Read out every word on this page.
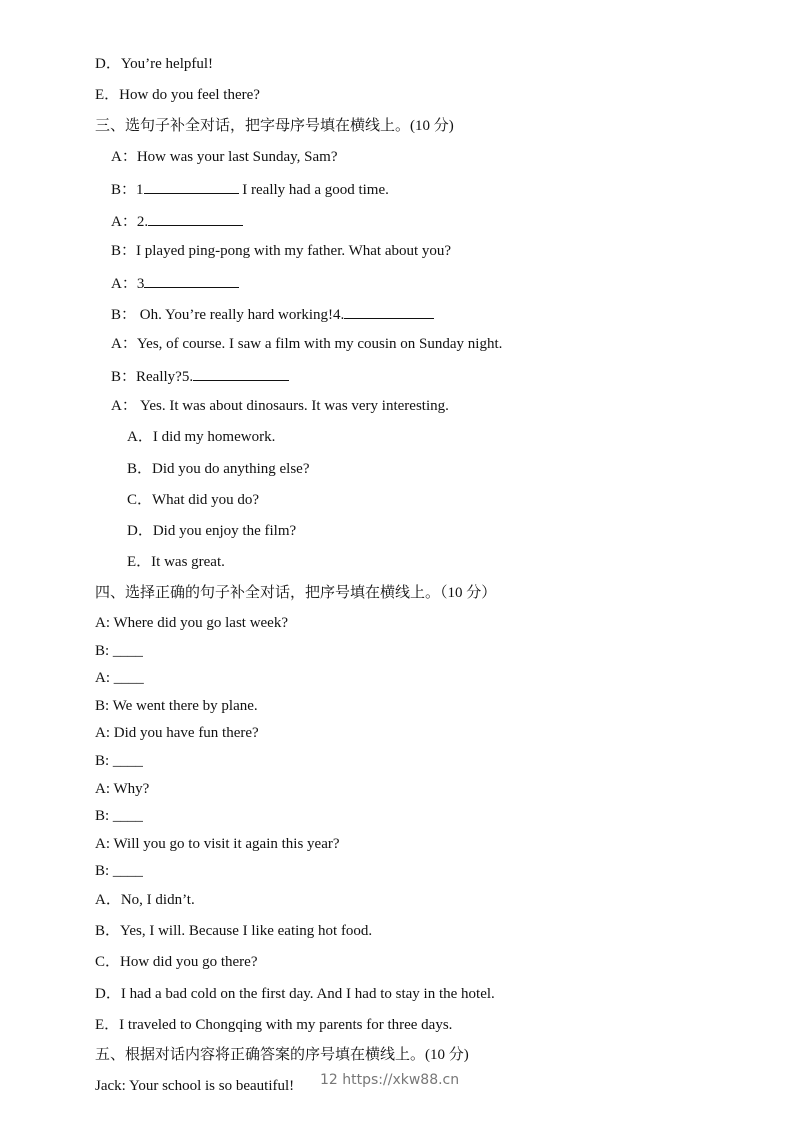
D．You’re helpful!
E．How do you feel there?
三、选句子补全对话，把字母序号填在横线上。(10 分)
A：How was your last Sunday, Sam?
B：1	I really had a good time.
A：2.
B：I played ping-pong with my father. What about you?
A：3
B： Oh. You’re really hard working!4.
A：Yes, of course. I saw a film with my cousin on Sunday night.
B：Really?5.
A： Yes. It was about dinosaurs. It was very interesting.
A．I did my homework.
B．Did you do anything else?
C．What did you do?
D．Did you enjoy the film?
E．It was great.
四、选择正确的句子补全对话，把序号填在横线上。（10 分）
A: Where did you go last week?
B: ____
A: ____
B: We went there by plane.
A: Did you have fun there?
B: ____
A: Why?
B: ____
A: Will you go to visit it again this year?
B: ____
A．No, I didn’t.
B．Yes, I will. Because I like eating hot food.
C．How did you go there?
D．I had a bad cold on the first day. And I had to stay in the hotel.
E．I traveled to Chongqing with my parents for three days.
五、根据对话内容将正确答案的序号填在横线上。(10 分)
Jack: Your school is so beautiful! 12 https://xkw88.cn
